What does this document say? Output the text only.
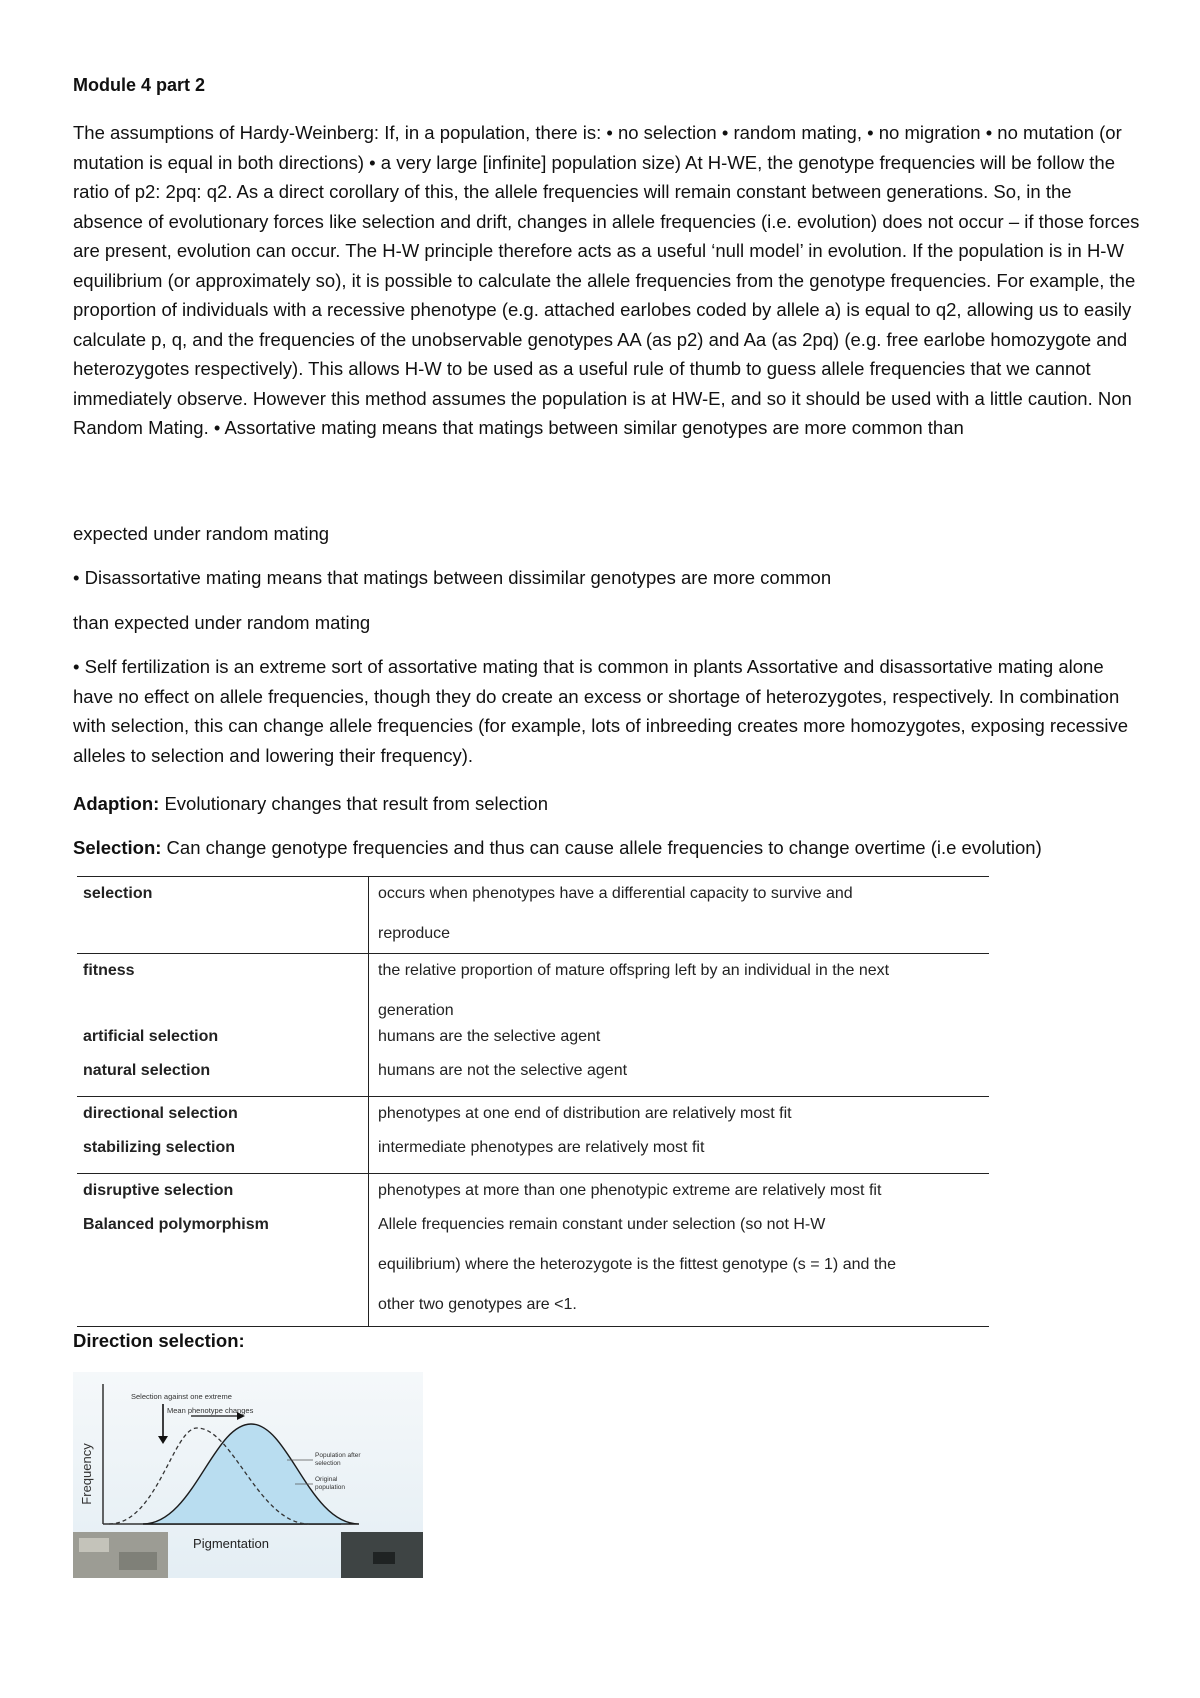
Module 4 part 2

The assumptions of Hardy-Weinberg: If, in a population, there is: • no selection • random mating, • no migration • no mutation (or mutation is equal in both directions) • a very large [infinite] population size) At H-WE, the genotype frequencies will be follow the ratio of p2: 2pq: q2. As a direct corollary of this, the allele frequencies will remain constant between generations. So, in the absence of evolutionary forces like selection and drift, changes in allele frequencies (i.e. evolution) does not occur – if those forces are present, evolution can occur. The H-W principle therefore acts as a useful ‘null model’ in evolution. If the population is in H-W equilibrium (or approximately so), it is possible to calculate the allele frequencies from the genotype frequencies. For example, the proportion of individuals with a recessive phenotype (e.g. attached earlobes coded by allele a) is equal to q2, allowing us to easily calculate p, q, and the frequencies of the unobservable genotypes AA (as p2) and Aa (as 2pq) (e.g. free earlobe homozygote and heterozygotes respectively). This allows H-W to be used as a useful rule of thumb to guess allele frequencies that we cannot immediately observe. However this method assumes the population is at HW-E, and so it should be used with a little caution. Non Random Mating. • Assortative mating means that matings between similar genotypes are more common than

expected under random mating

• Disassortative mating means that matings between dissimilar genotypes are more common

than expected under random mating

• Self fertilization is an extreme sort of assortative mating that is common in plants Assortative and disassortative mating alone have no effect on allele frequencies, though they do create an excess or shortage of heterozygotes, respectively. In combination with selection, this can change allele frequencies (for example, lots of inbreeding creates more homozygotes, exposing recessive alleles to selection and lowering their frequency).

Adaption: Evolutionary changes that result from selection

Selection: Can change genotype frequencies and thus can cause allele frequencies to change overtime (i.e evolution)

selection	occurs when phenotypes have a differential capacity to survive and
reproduce

fitness	the relative proportion of mature offspring left by an individual in the next
generation

artificial selection	humans are the selective agent

natural selection	humans are not the selective agent

directional selection	phenotypes at one end of distribution are relatively most fit

stabilizing selection	intermediate phenotypes are relatively most fit

disruptive selection	phenotypes at more than one phenotypic extreme are relatively most fit

Balanced polymorphism	Allele frequencies remain constant under selection (so not H-W
equilibrium) where the heterozygote is the fittest genotype (s = 1) and the
other two genotypes are <1.

Direction selection:

Frequency
Pigmentation
Selection against one extreme
Mean phenotype changes
Population after selection
Original population
